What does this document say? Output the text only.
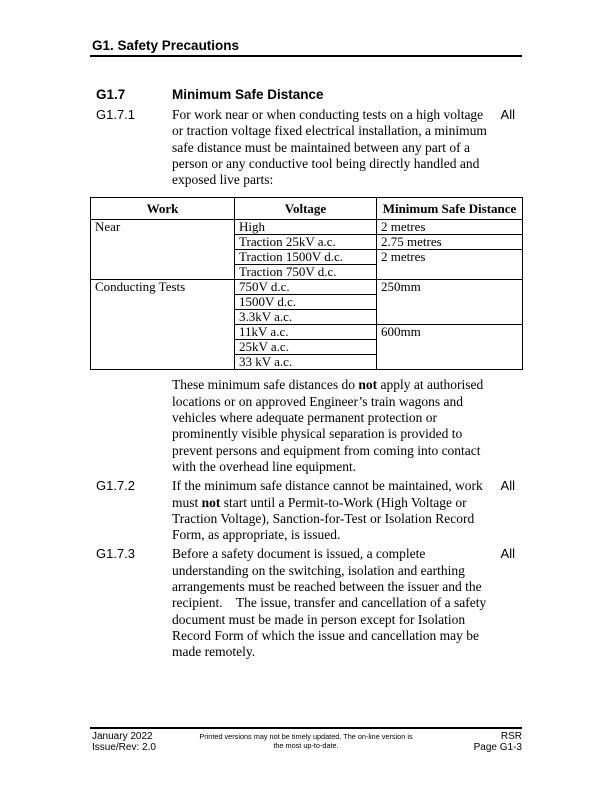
G1. Safety Precautions
G1.7	Minimum Safe Distance
G1.7.1	For work near or when conducting tests on a high voltage or traction voltage fixed electrical installation, a minimum safe distance must be maintained between any part of a person or any conductive tool being directly handled and exposed live parts:

All
Work	Voltage	Minimum Safe Distance
Near	High	2 metres
	Traction 25kV a.c.	2.75 metres
	Traction 1500V d.c.	2 metres
	Traction 750V d.c.	
Conducting Tests	750V d.c.	250mm
	1500V d.c.	
	3.3kV a.c.	
	11kV a.c.	600mm
	25kV a.c.	
	33 kV a.c.	

These minimum safe distances do not apply at authorised locations or on approved Engineer’s train wagons and vehicles where adequate permanent protection or prominently visible physical separation is provided to prevent persons and equipment from coming into contact with the overhead line equipment.

G1.7.2	If the minimum safe distance cannot be maintained, work must not start until a Permit-to-Work (High Voltage or Traction Voltage), Sanction-for-Test or Isolation Record Form, as appropriate, is issued.

All
G1.7.3	Before a safety document is issued, a complete understanding on the switching, isolation and earthing arrangements must be reached between the issuer and the recipient.    The issue, transfer and cancellation of a safety document must be made in person except for Isolation Record Form of which the issue and cancellation may be made remotely.

All
January 2022
Issue/Rev: 2.0
Printed versions may not be timely updated. The on-line version is the most up-to-date.
RSR
Page G1-3
